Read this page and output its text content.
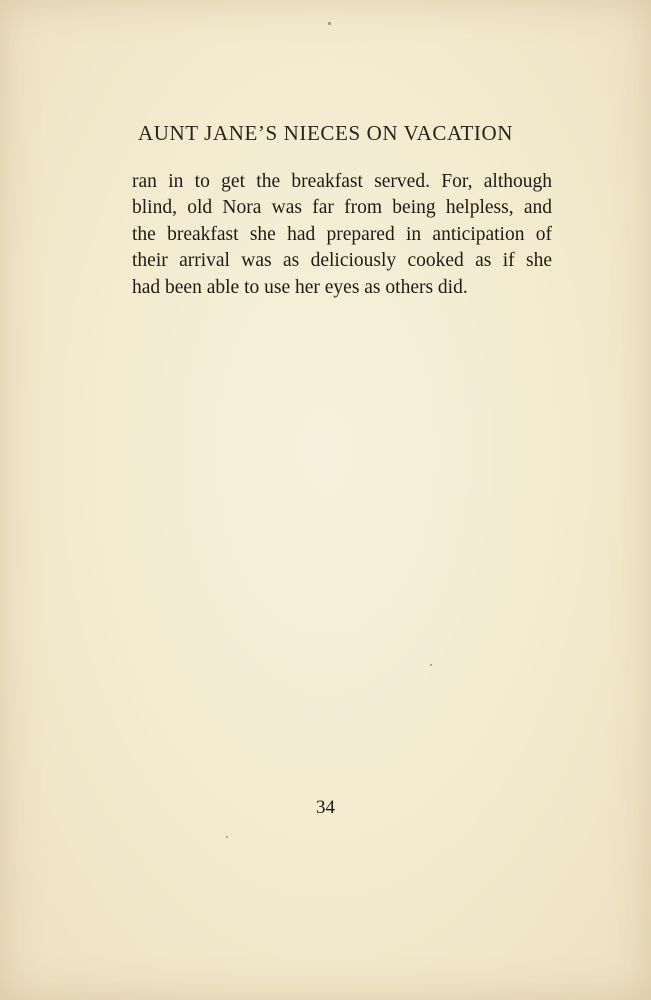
AUNT JANE’S NIECES ON VACATION
ran in to get the breakfast served. For, although
blind, old Nora was far from being helpless, and
the breakfast she had prepared in anticipation of
their arrival was as deliciously cooked as if she
had been able to use her eyes as others did.
34
